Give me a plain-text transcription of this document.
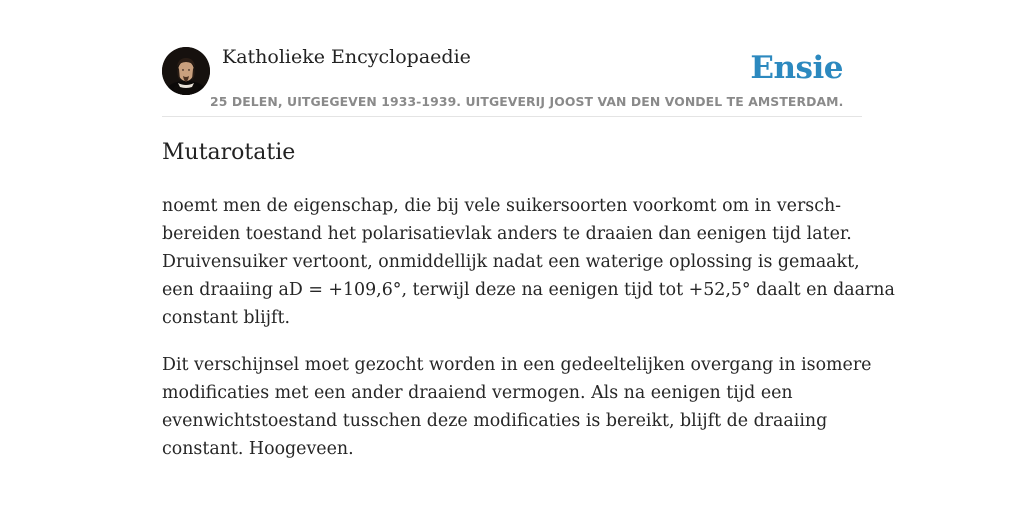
Katholieke Encyclopaedie	Ensie
25 DELEN, UITGEGEVEN 1933-1939. UITGEVERIJ JOOST VAN DEN VONDEL TE AMSTERDAM.
Mutarotatie

noemt men de eigenschap, die bij vele suikersoorten voorkomt om in versch-
bereiden toestand het polarisatievlak anders te draaien dan eenigen tijd later.
Druivensuiker vertoont, onmiddellijk nadat een waterige oplossing is gemaakt,
een draaiing aD = +109,6°, terwijl deze na eenigen tijd tot +52,5° daalt en daarna
constant blijft.

Dit verschijnsel moet gezocht worden in een gedeeltelijken overgang in isomere
modificaties met een ander draaiend vermogen. Als na eenigen tijd een
evenwichtstoestand tusschen deze modificaties is bereikt, blijft de draaiing
constant. Hoogeveen.
